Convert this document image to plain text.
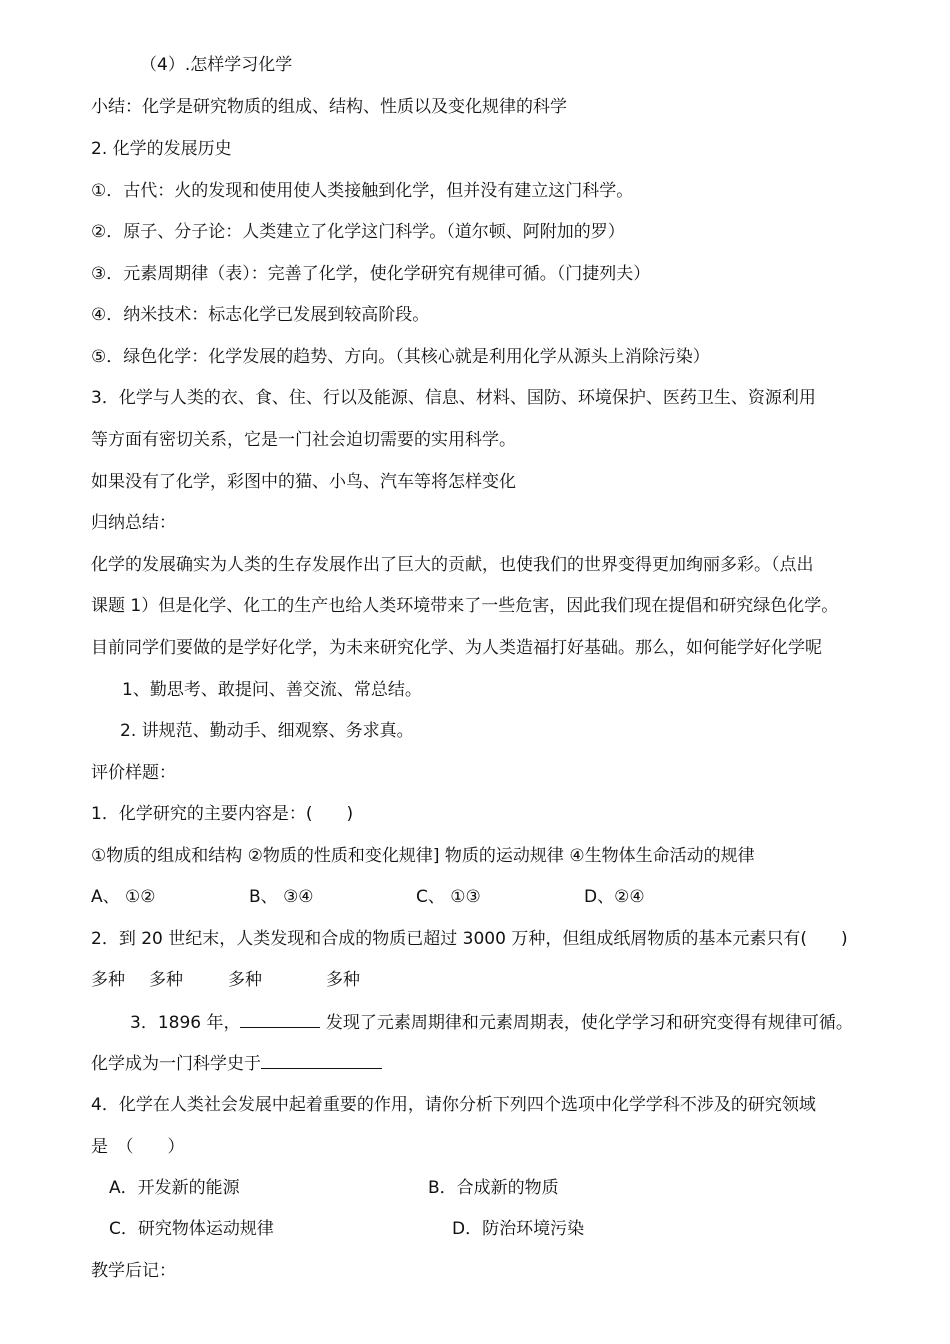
（4）.怎样学习化学
小结：化学是研究物质的组成、结构、性质以及变化规律的科学
2. 化学的发展历史
①．古代：火的发现和使用使人类接触到化学，但并没有建立这门科学。
②．原子、分子论：人类建立了化学这门科学。（道尔顿、阿附加的罗）
③．元素周期律（表）：完善了化学，使化学研究有规律可循。（门捷列夫）
④．纳米技术：标志化学已发展到较高阶段。
⑤．绿色化学：化学发展的趋势、方向。（其核心就是利用化学从源头上消除污染）
3．化学与人类的衣、食、住、行以及能源、信息、材料、国防、环境保护、医药卫生、资源利用
等方面有密切关系，它是一门社会迫切需要的实用科学。
如果没有了化学，彩图中的猫、小鸟、汽车等将怎样变化
归纳总结：
化学的发展确实为人类的生存发展作出了巨大的贡献，也使我们的世界变得更加绚丽多彩。（点出
课题 1）但是化学、化工的生产也给人类环境带来了一些危害，因此我们现在提倡和研究绿色化学。
目前同学们要做的是学好化学，为未来研究化学、为人类造福打好基础。那么，如何能学好化学呢
1、勤思考、敢提问、善交流、常总结。
2. 讲规范、勤动手、细观察、务求真。
评价样题：
1．化学研究的主要内容是：(　　)
①物质的组成和结构 ②物质的性质和变化规律] 物质的运动规律 ④生物体生命活动的规律
A、 ①②	B、 ③④	C、 ①③	D、②④
2．到 20 世纪末，人类发现和合成的物质已超过 3000 万种，但组成纸屑物质的基本元素只有(　　)
多种 多种	多种	多种
3．1896 年，	发现了元素周期律和元素周期表，使化学学习和研究变得有规律可循。
化学成为一门科学史于
4．化学在人类社会发展中起着重要的作用，请你分析下列四个选项中化学学科不涉及的研究领域
是　（　　）
A．开发新的能源	B．合成新的物质
C．研究物体运动规律	D．防治环境污染
教学后记：
